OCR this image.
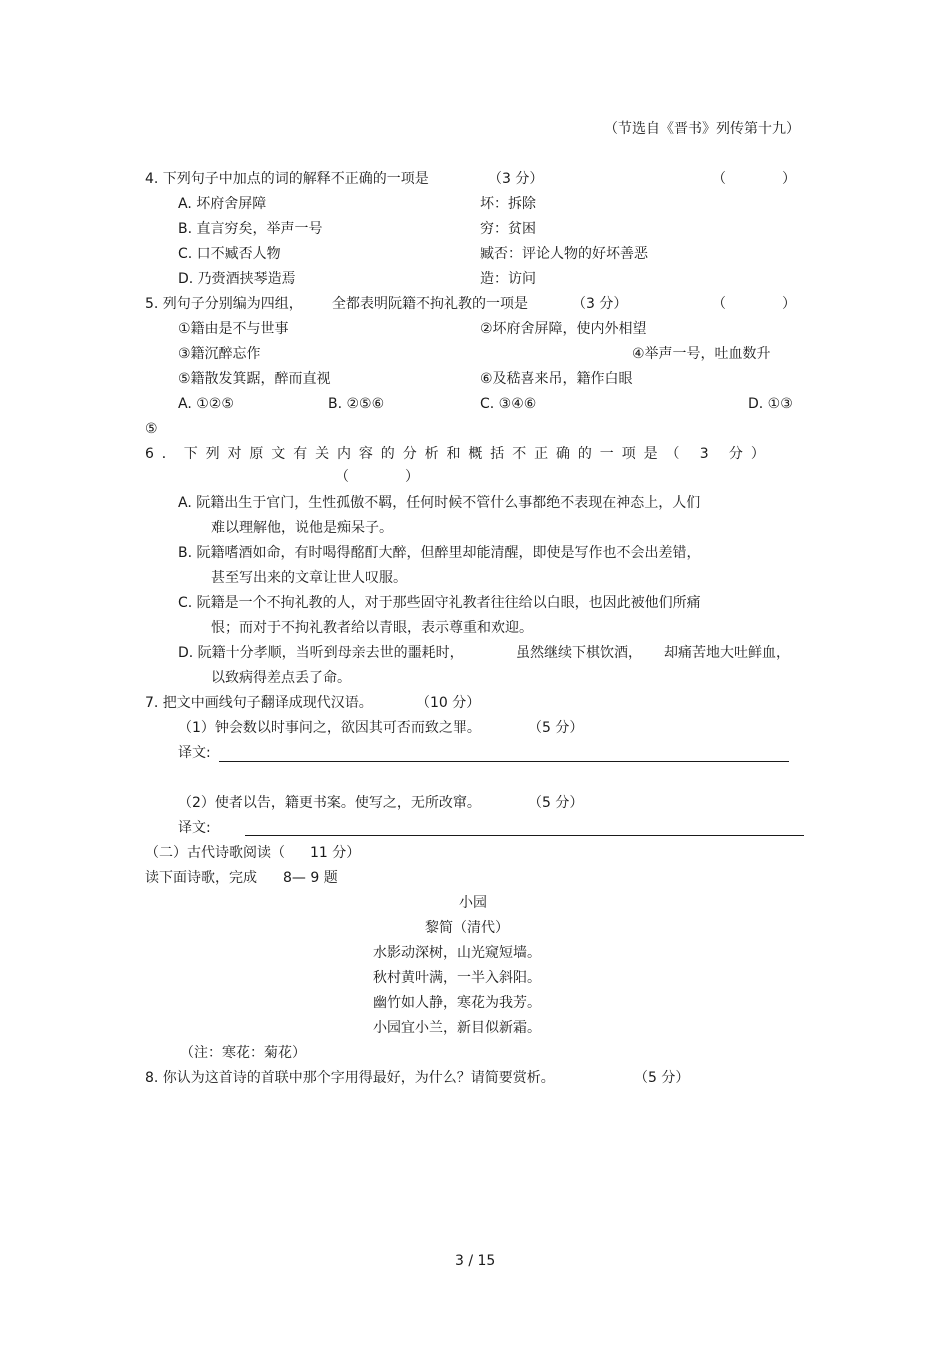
（节选自《晋书》列传第十九）
4. 下列句子中加点的词的解释不正确的一项是	（3 分）	（　　　　）
A. 坏府舍屏障	坏：拆除
B. 直言穷矣，举声一号	穷：贫困
C. 口不臧否人物	臧否：评论人物的好坏善恶
D. 乃赍酒挟琴造焉	造：访问
5. 列句子分别编为四组， 全都表明阮籍不拘礼教的一项是	（3 分）	（　　　　）
①籍由是不与世事	②坏府舍屏障，使内外相望
③籍沉醉忘作	④举声一号，吐血数升
⑤籍散发箕踞，醉而直视	⑥及嵇喜来吊，籍作白眼
A. ①②⑤	B. ②⑤⑥	C. ③④⑥	D. ①③
⑤
6．下列对原文有关内容的分析和概括不正确的一项是（ 3 分）
（　　　　）
A. 阮籍出生于官门，生性孤傲不羁，任何时候不管什么事都绝不表现在神态上，人们
难以理解他，说他是痴呆子。
B. 阮籍嗜酒如命，有时喝得酩酊大醉，但醉里却能清醒，即使是写作也不会出差错，
甚至写出来的文章让世人叹服。
C. 阮籍是一个不拘礼教的人，对于那些固守礼教者往往给以白眼，也因此被他们所痛
恨；而对于不拘礼教者给以青眼，表示尊重和欢迎。
D. 阮籍十分孝顺，当听到母亲去世的噩耗时，	虽然继续下棋饮酒， 却痛苦地大吐鲜血，
以致病得差点丢了命。
7. 把文中画线句子翻译成现代汉语。	（10 分）
（1）钟会数以时事问之，欲因其可否而致之罪。	（5 分）
译文:
（2）使者以告，籍更书案。使写之，无所改窜。	（5 分）
译文:
（二）古代诗歌阅读（ 11 分）
读下面诗歌，完成 8— 9 题
小园
黎简（清代）
水影动深树，山光窥短墙。
秋村黄叶满，一半入斜阳。
幽竹如人静，寒花为我芳。
小园宜小兰，新目似新霜。
（注：寒花：菊花）
8. 你认为这首诗的首联中那个字用得最好，为什么？请简要赏析。	（5 分）
3 / 15
